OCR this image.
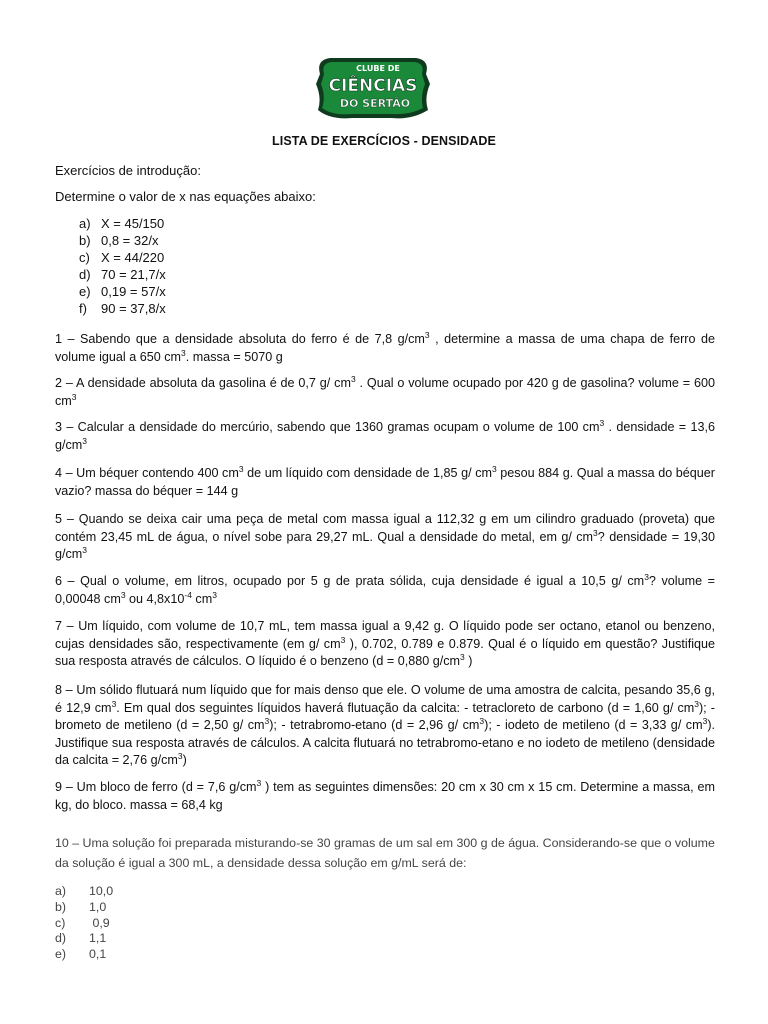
CLUBE DE
CIÊNCIAS
DO SERTÃO
LISTA DE EXERCÍCIOS - DENSIDADE
Exercícios de introdução:
Determine o valor de x nas equações abaixo:
a) X = 45/150
b) 0,8 = 32/x
c) X = 44/220
d) 70 = 21,7/x
e) 0,19 = 57/x
f) 90 = 37,8/x

1 – Sabendo que a densidade absoluta do ferro é de 7,8 $g/cm^3$ , determine a massa de uma chapa de ferro de volume igual a 650 $cm^3$. massa = 5070 g

2 – A densidade absoluta da gasolina é de 0,7 g/ $cm^3$ . Qual o volume ocupado por 420 g de gasolina? volume = 600 $cm^3$

3 – Calcular a densidade do mercúrio, sabendo que 1360 gramas ocupam o volume de 100 $cm^3$ . densidade = 13,6 $g/cm^3$

4 – Um béquer contendo 400 $cm^3$ de um líquido com densidade de 1,85 g/ $cm^3$ pesou 884 g. Qual a massa do béquer vazio? massa do béquer = 144 g

5 – Quando se deixa cair uma peça de metal com massa igual a 112,32 g em um cilindro graduado (proveta) que contém 23,45 mL de água, o nível sobe para 29,27 mL. Qual a densidade do metal, em g/ $cm^3$? densidade = 19,30 $g/cm^3$

6 – Qual o volume, em litros, ocupado por 5 g de prata sólida, cuja densidade é igual a 10,5 g/ $cm^3$? volume = 0,00048 $cm^3$ ou $4,8x10^{-4}$ $cm^3$

7 – Um líquido, com volume de 10,7 mL, tem massa igual a 9,42 g. O líquido pode ser octano, etanol ou benzeno, cujas densidades são, respectivamente (em g/ $cm^3$ ), 0.702, 0.789 e 0.879. Qual é o líquido em questão? Justifique sua resposta através de cálculos. O líquido é o benzeno (d = 0,880 $g/cm^3$ )

8 – Um sólido flutuará num líquido que for mais denso que ele. O volume de uma amostra de calcita, pesando 35,6 g, é 12,9 $cm^3$. Em qual dos seguintes líquidos haverá flutuação da calcita: - tetracloreto de carbono (d = 1,60 g/ $cm^3$); - brometo de metileno (d = 2,50 g/ $cm^3$); - tetrabromo-etano (d = 2,96 g/ $cm^3$); - iodeto de metileno (d = 3,33 g/ $cm^3$). Justifique sua resposta através de cálculos. A calcita flutuará no tetrabromo-etano e no iodeto de metileno (densidade da calcita = 2,76 $g/cm^3$)

9 – Um bloco de ferro (d = 7,6 $g/cm^3$ ) tem as seguintes dimensões: 20 cm x 30 cm x 15 cm. Determine a massa, em kg, do bloco. massa = 68,4 kg

10 – Uma solução foi preparada misturando-se 30 gramas de um sal em 300 g de água. Considerando-se que o volume da solução é igual a 300 mL, a densidade dessa solução em g/mL será de:

a) 10,0
b) 1,0
c) 0,9
d) 1,1
e) 0,1
